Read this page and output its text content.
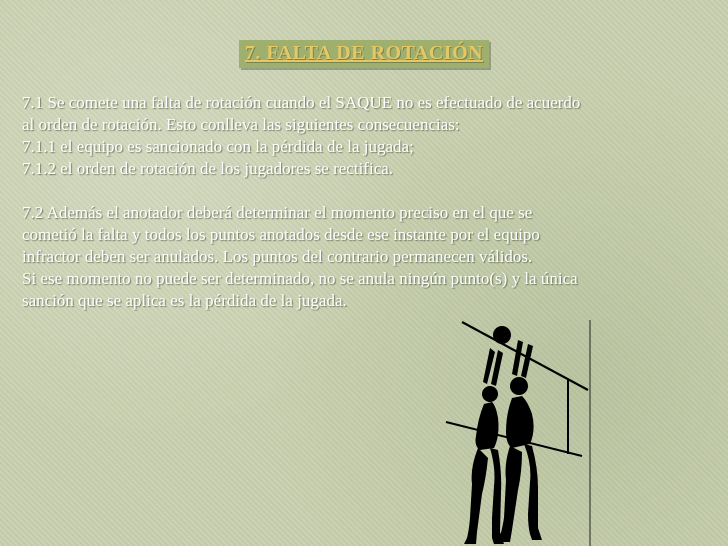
7. FALTA DE ROTACIÓN

7.1 Se comete una falta de rotación cuando el SAQUE no es efectuado de acuerdo

al orden de rotación. Esto conlleva las siguientes consecuencias:

7.1.1 el equipo es sancionado con la pérdida de la jugada;

7.1.2 el orden de rotación de los jugadores se rectifica.

7.2 Además el anotador deberá determinar el momento preciso en el que se

cometió la falta y todos los puntos anotados desde ese instante por el equipo

infractor deben ser anulados. Los puntos del contrario permanecen válidos.

Si ese momento no puede ser determinado, no se anula ningún punto(s) y la única

sanción que se aplica es la pérdida de la jugada.
